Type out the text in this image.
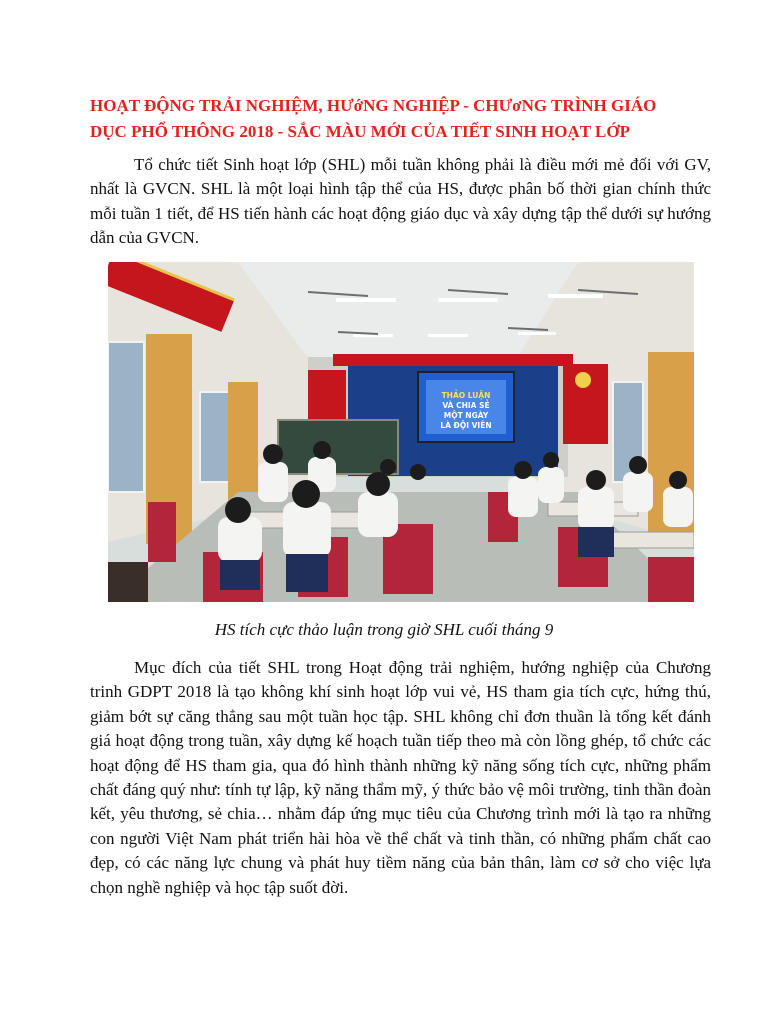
HOẠT ĐỘNG TRẢI NGHIỆM, HƯớNG NGHIỆP - CHƯơNG TRÌNH GIÁO DỤC PHỔ THÔNG 2018 - SẮC MÀU MỚI CỦA TIẾT SINH HOẠT LỚP

Tổ chức tiết Sinh hoạt lớp (SHL) mỗi tuần không phải là điều mới mẻ đối với GV, nhất là GVCN. SHL là một loại hình tập thể của HS, được phân bố thời gian chính thức mỗi tuần 1 tiết, để HS tiến hành các hoạt động giáo dục và xây dựng tập thể dưới sự hướng dẫn của GVCN.

THẢO LUẬN
VÀ CHIA SẺ
MỘT NGÀY
LÀ ĐỘI VIÊN

HS tích cực thảo luận trong giờ SHL cuối tháng 9

Mục đích của tiết SHL trong Hoạt động trải nghiệm, hướng nghiệp của Chương trinh GDPT 2018 là tạo không khí sinh hoạt lớp vui vẻ, HS tham gia tích cực, hứng thú, giảm bớt sự căng thẳng sau một tuần học tập. SHL không chỉ đơn thuần là tổng kết đánh giá hoạt động trong tuần, xây dựng kế hoạch tuần tiếp theo mà còn lồng ghép, tổ chức các hoạt động để HS tham gia, qua đó hình thành những kỹ năng sống tích cực, những phẩm chất đáng quý như: tính tự lập, kỹ năng thẩm mỹ, ý thức bảo vệ môi trường, tinh thần đoàn kết, yêu thương, sẻ chia… nhằm đáp ứng mục tiêu của Chương trình mới là tạo ra những con người Việt Nam phát triển hài hòa về thể chất và tinh thần, có những phẩm chất cao đẹp, có các năng lực chung và phát huy tiềm năng của bản thân, làm cơ sở cho việc lựa chọn nghề nghiệp và học tập suốt đời.
